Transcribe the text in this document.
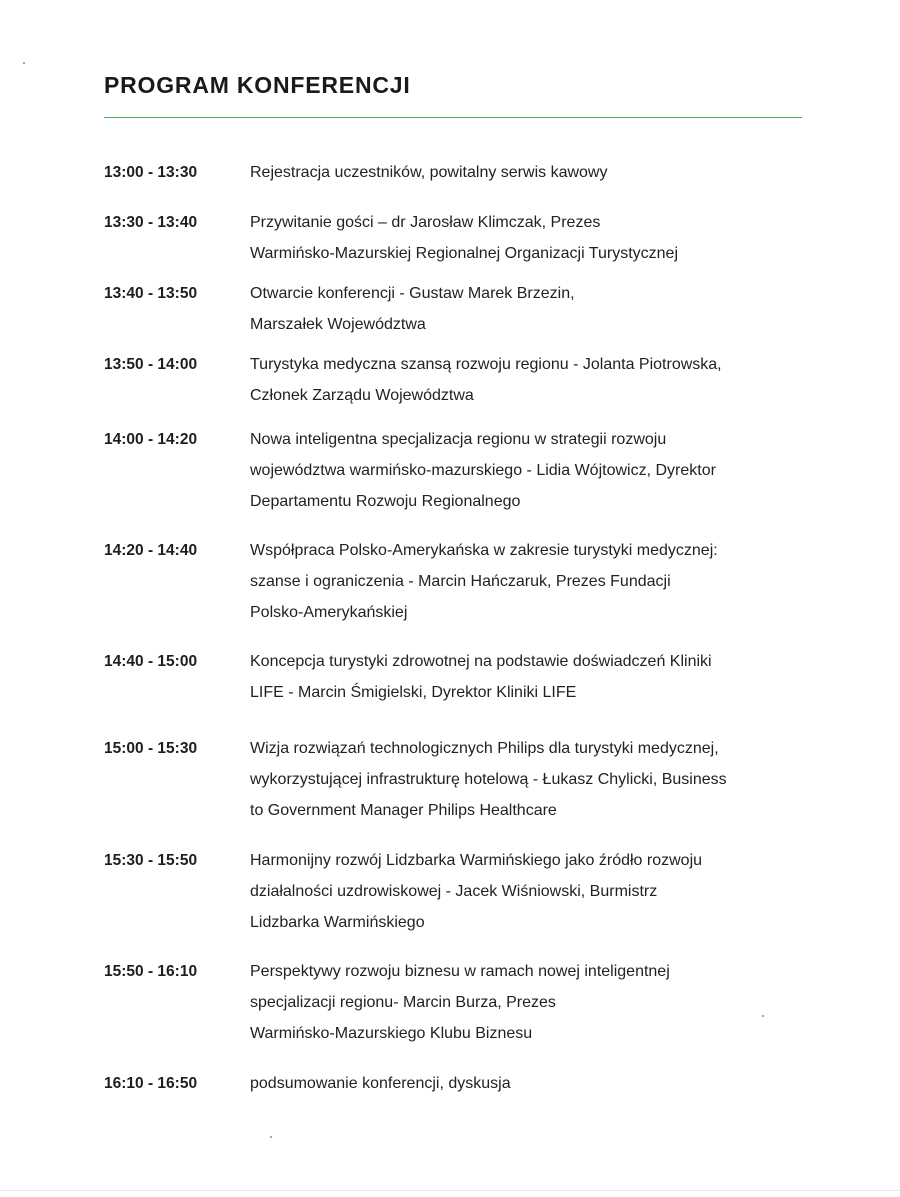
PROGRAM KONFERENCJI
13:00 - 13:30	Rejestracja uczestników, powitalny serwis kawowy

13:30 - 13:40	Przywitanie gości – dr Jarosław Klimczak, Prezes
Warmińsko-Mazurskiej Regionalnej Organizacji Turystycznej

13:40 - 13:50	Otwarcie konferencji - Gustaw Marek Brzezin,
Marszałek Województwa

13:50 - 14:00	Turystyka medyczna szansą rozwoju regionu - Jolanta Piotrowska,
Członek Zarządu Województwa

14:00 - 14:20	Nowa inteligentna specjalizacja regionu w strategii rozwoju
województwa warmińsko-mazurskiego - Lidia Wójtowicz, Dyrektor
Departamentu Rozwoju Regionalnego

14:20 - 14:40	Współpraca Polsko-Amerykańska w zakresie turystyki medycznej:
szanse i ograniczenia - Marcin Hańczaruk, Prezes Fundacji
Polsko-Amerykańskiej

14:40 - 15:00	Koncepcja turystyki zdrowotnej na podstawie doświadczeń Kliniki
LIFE - Marcin Śmigielski, Dyrektor Kliniki LIFE

15:00 - 15:30	Wizja rozwiązań technologicznych Philips dla turystyki medycznej,
wykorzystującej infrastrukturę hotelową - Łukasz Chylicki, Business
to Government Manager Philips Healthcare

15:30 - 15:50	Harmonijny rozwój Lidzbarka Warmińskiego jako źródło rozwoju
działalności uzdrowiskowej - Jacek Wiśniowski, Burmistrz
Lidzbarka Warmińskiego

15:50 - 16:10	Perspektywy rozwoju biznesu w ramach nowej inteligentnej
specjalizacji regionu- Marcin Burza, Prezes
Warmińsko-Mazurskiego Klubu Biznesu

16:10 - 16:50	podsumowanie konferencji, dyskusja
